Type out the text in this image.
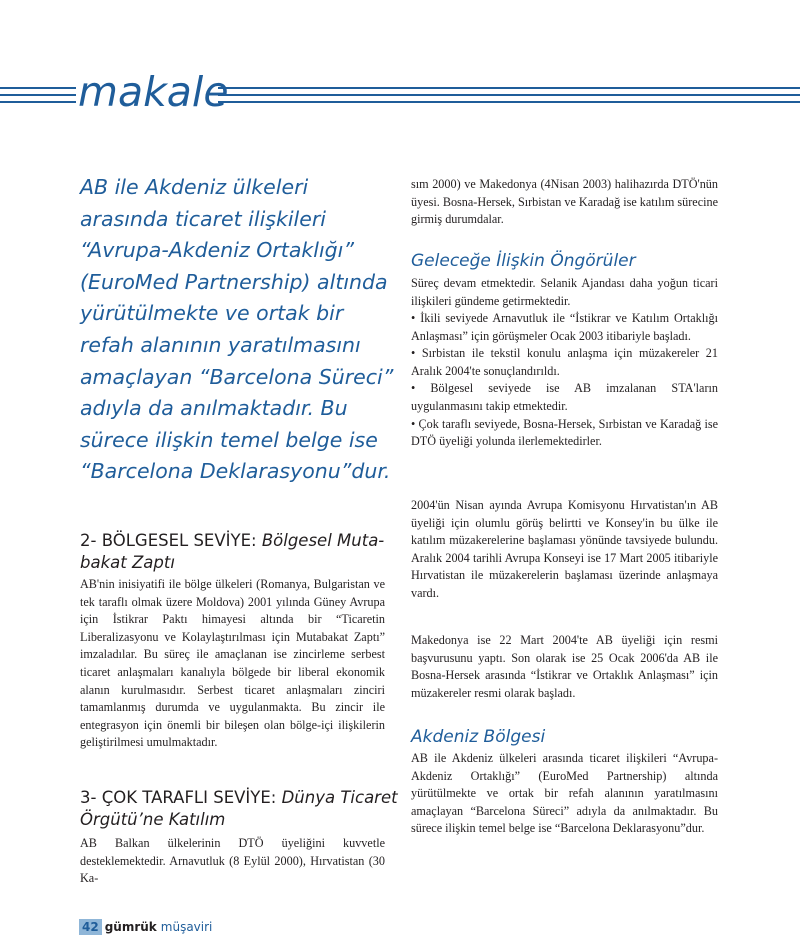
makale

AB ile Akdeniz ülkeleri arasında ticaret ilişkileri “Avrupa-Akdeniz Ortaklığı” (EuroMed Partnership) altında yürütülmekte ve ortak bir refah alanının yaratılmasını amaçlayan “Barcelona Süreci” adıyla da anılmaktadır. Bu sürece ilişkin temel belge ise “Barcelona Deklarasyonu”dur.

2- BÖLGESEL SEVİYE: Bölgesel Muta-bakat Zaptı

AB'nin inisiyatifi ile bölge ülkeleri (Romanya, Bulgaristan ve tek taraflı olmak üzere Moldova) 2001 yılında Güney Avrupa için İstikrar Paktı himayesi altında bir “Ticaretin Liberalizasyonu ve Kolaylaştırılması için Mutabakat Zaptı” imzaladılar. Bu süreç ile amaçlanan ise zincirleme serbest ticaret anlaşmaları kanalıyla bölgede bir liberal ekonomik alanın kurulmasıdır. Serbest ticaret anlaşmaları zinciri tamamlanmış durumda ve uygulanmakta. Bu zincir ile entegrasyon için önemli bir bileşen olan bölge-içi ilişkilerin geliştirilmesi umulmaktadır.

3- ÇOK TARAFLI SEVİYE: Dünya Ticaret Örgütü’ne Katılım

AB Balkan ülkelerinin DTÖ üyeliğini kuvvetle desteklemektedir. Arnavutluk (8 Eylül 2000), Hırvatistan (30 Ka-

sım 2000) ve Makedonya (4Nisan 2003) halihazırda DTÖ'nün üyesi. Bosna-Hersek, Sırbistan ve Karadağ ise katılım sürecine girmiş durumdalar.

Geleceğe İlişkin Öngörüler

Süreç devam etmektedir. Selanik Ajandası daha yoğun ticari ilişkileri gündeme getirmektedir.

• İkili seviyede Arnavutluk ile “İstikrar ve Katılım Ortaklığı Anlaşması” için görüşmeler Ocak 2003 itibariyle başladı.
• Sırbistan ile tekstil konulu anlaşma için müzakereler 21 Aralık 2004'te sonuçlandırıldı.
• Bölgesel seviyede ise AB imzalanan STA'ların uygulanmasını takip etmektedir.
• Çok taraflı seviyede, Bosna-Hersek, Sırbistan ve Karadağ ise DTÖ üyeliği yolunda ilerlemektedirler.

2004'ün Nisan ayında Avrupa Komisyonu Hırvatistan'ın AB üyeliği için olumlu görüş belirtti ve Konsey'in bu ülke ile katılım müzakerelerine başlaması yönünde tavsiyede bulundu. Aralık 2004 tarihli Avrupa Konseyi ise 17 Mart 2005 itibariyle Hırvatistan ile müzakerelerin başlaması üzerinde anlaşmaya vardı.

Makedonya ise 22 Mart 2004'te AB üyeliği için resmi başvurusunu yaptı. Son olarak ise 25 Ocak 2006'da AB ile Bosna-Hersek arasında “İstikrar ve Ortaklık Anlaşması” için müzakereler resmi olarak başladı.

Akdeniz Bölgesi

AB ile Akdeniz ülkeleri arasında ticaret ilişkileri “Avrupa-Akdeniz Ortaklığı” (EuroMed Partnership) altında yürütülmekte ve ortak bir refah alanının yaratılmasını amaçlayan “Barcelona Süreci” adıyla da anılmaktadır. Bu sürece ilişkin temel belge ise “Barcelona Deklarasyonu”dur.

42 gümrük müşaviri
